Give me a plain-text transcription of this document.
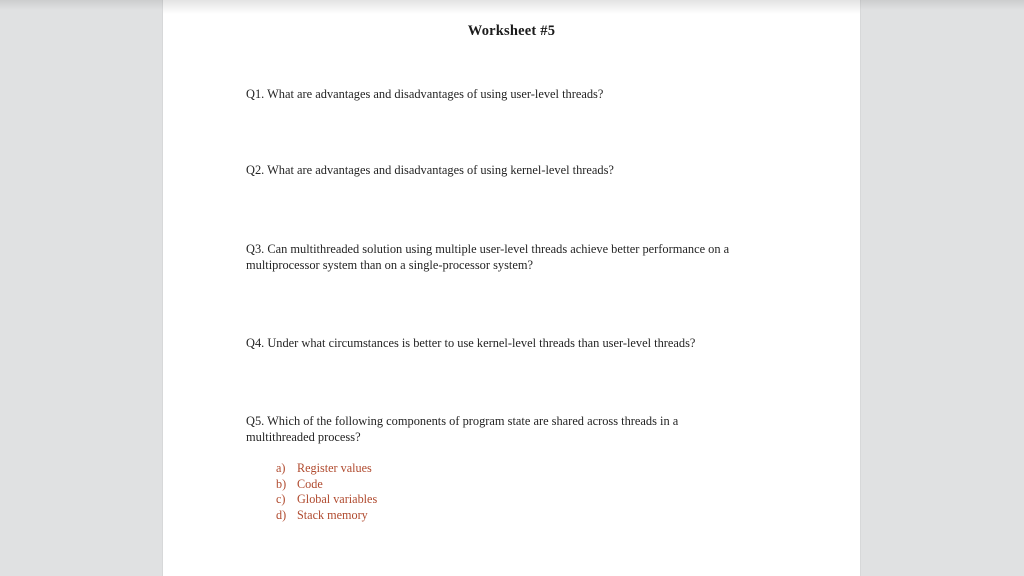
Worksheet #5
Q1. What are advantages and disadvantages of using user-level threads?
Q2. What are advantages and disadvantages of using kernel-level threads?
Q3. Can multithreaded solution using multiple user-level threads achieve better performance on a multiprocessor system than on a single-processor system?
Q4. Under what circumstances is better to use kernel-level threads than user-level threads?
Q5. Which of the following components of program state are shared across threads in a multithreaded process?
a) Register values
b) Code
c) Global variables
d) Stack memory
